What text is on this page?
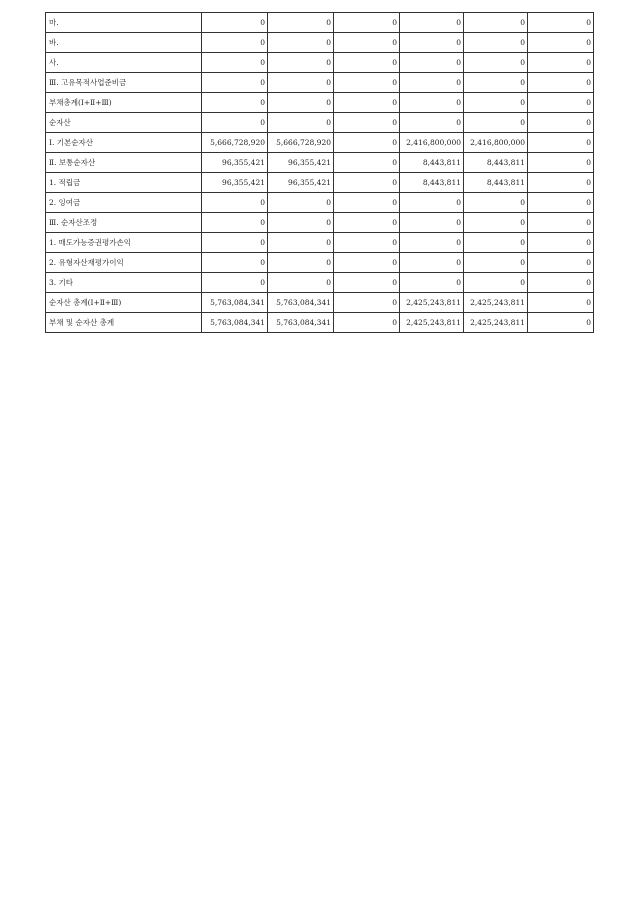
마.	0	0	0	0	0	0
바.	0	0	0	0	0	0
사.	0	0	0	0	0	0
Ⅲ. 고유목적사업준비금	0	0	0	0	0	0
부채총계(Ⅰ+Ⅱ+Ⅲ)	0	0	0	0	0	0
순자산	0	0	0	0	0	0
Ⅰ. 기본순자산	5,666,728,920	5,666,728,920	0	2,416,800,000	2,416,800,000	0
Ⅱ. 보통순자산	96,355,421	96,355,421	0	8,443,811	8,443,811	0
1. 적립금	96,355,421	96,355,421	0	8,443,811	8,443,811	0
2. 잉여금	0	0	0	0	0	0
Ⅲ. 순자산조정	0	0	0	0	0	0
1. 매도가능증권평가손익	0	0	0	0	0	0
2. 유형자산재평가이익	0	0	0	0	0	0
3. 기타	0	0	0	0	0	0
순자산 총계(Ⅰ+Ⅱ+Ⅲ)	5,763,084,341	5,763,084,341	0	2,425,243,811	2,425,243,811	0
부채 및 순자산 총계	5,763,084,341	5,763,084,341	0	2,425,243,811	2,425,243,811	0
